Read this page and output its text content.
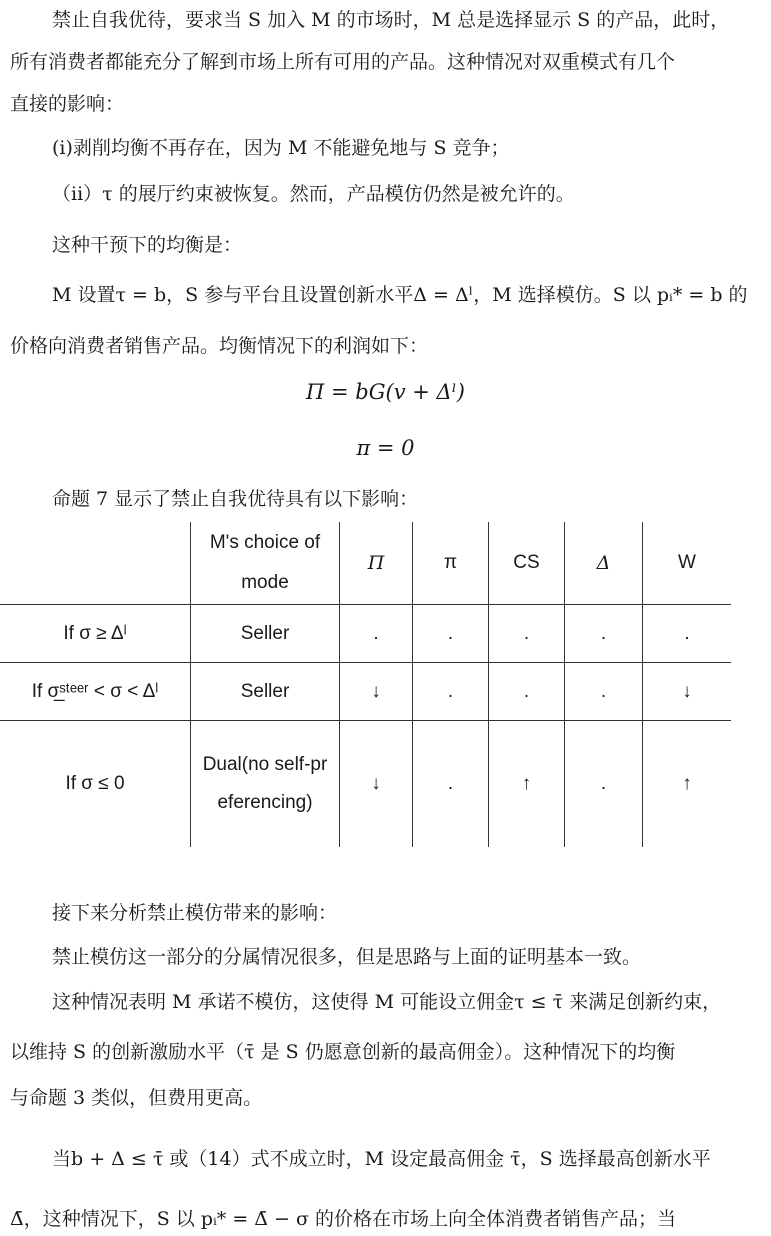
禁止自我优待，要求当 S 加入 M 的市场时，M 总是选择显示 S 的产品，此时，
所有消费者都能充分了解到市场上所有可用的产品。这种情况对双重模式有几个
直接的影响：
(i)剥削均衡不再存在，因为 M 不能避免地与 S 竞争；
（ii）τ 的展厅约束被恢复。然而，产品模仿仍然是被允许的。
这种干预下的均衡是：
M 设置τ = b，S 参与平台且设置创新水平Δ = Δˡ，M 选择模仿。S 以 pᵢ* = b 的
价格向消费者销售产品。均衡情况下的利润如下：
Π = bG(v + Δˡ)
π = 0
命题 7 显示了禁止自我优待具有以下影响：

	M's choice of mode	Π	π	CS	Δ	W
If σ ≥ Δˡ	Seller	.	.	.	.	.
If σ̲ˢᵗᵉᵉʳ < σ < Δˡ	Seller	↓	.	.	.	↓
If σ ≤ 0	Dual(no self-preferencing)	↓	.	↑	.	↑
接下来分析禁止模仿带来的影响：
禁止模仿这一部分的分属情况很多，但是思路与上面的证明基本一致。
这种情况表明 M 承诺不模仿，这使得 M 可能设立佣金τ ≤ τ̄ 来满足创新约束，
以维持 S 的创新激励水平（τ̄ 是 S 仍愿意创新的最高佣金）。这种情况下的均衡
与命题 3 类似，但费用更高。
当b + Δ ≤ τ̄ 或（14）式不成立时，M 设定最高佣金 τ̄，S 选择最高创新水平
Δ̄，这种情况下，S 以 pᵢ* = Δ̄ − σ 的价格在市场上向全体消费者销售产品；当
